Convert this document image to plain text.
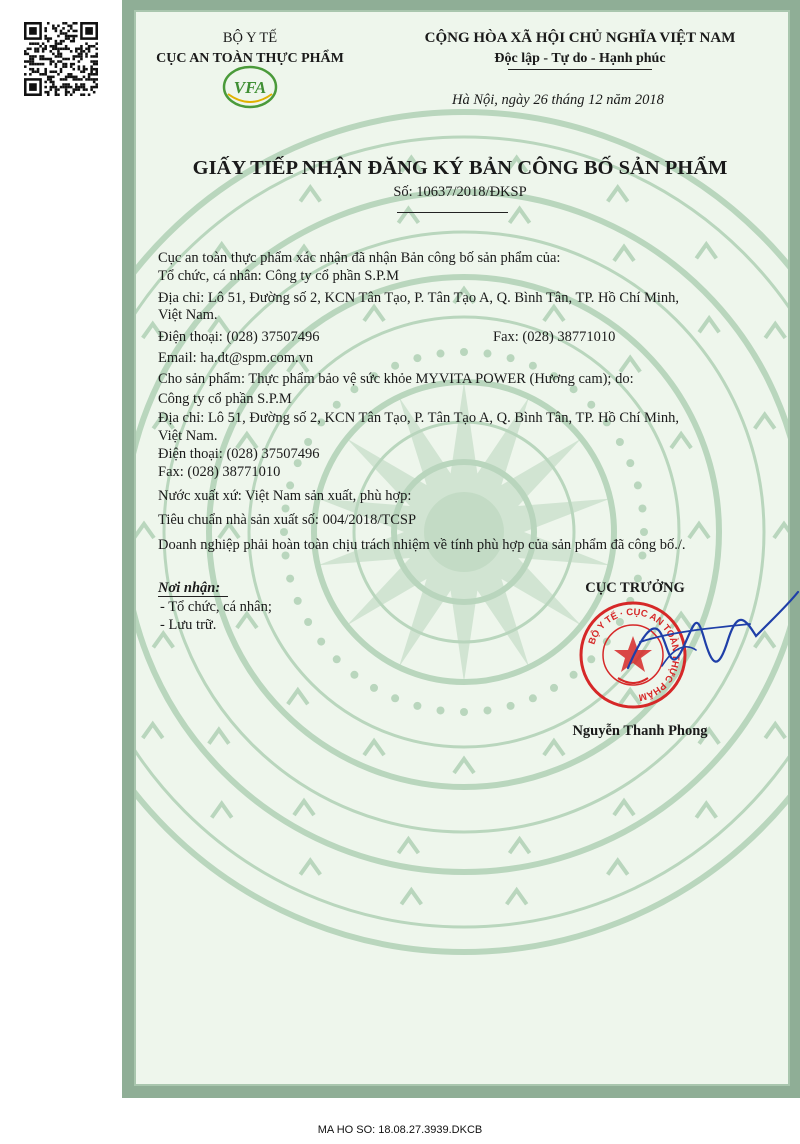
BỘ Y TẾ
CỤC AN TOÀN THỰC PHẨM
VFA
CỘNG HÒA XÃ HỘI CHỦ NGHĨA VIỆT NAM
Độc lập - Tự do - Hạnh phúc
Hà Nội, ngày 26 tháng 12 năm 2018
GIẤY TIẾP NHẬN ĐĂNG KÝ BẢN CÔNG BỐ SẢN PHẨM
Số: 10637/2018/ĐKSP
Cục an toàn thực phẩm xác nhận đã nhận Bản công bố sản phẩm của:
Tổ chức, cá nhân: Công ty cổ phần S.P.M
Địa chỉ: Lô 51, Đường số 2, KCN Tân Tạo, P. Tân Tạo A, Q. Bình Tân, TP. Hồ Chí Minh,
Việt Nam.
Điện thoại: (028) 37507496	Fax: (028) 38771010
Email: ha.dt@spm.com.vn
Cho sản phẩm: Thực phẩm bảo vệ sức khỏe MYVITA POWER (Hương cam); do:
Công ty cổ phần S.P.M
Địa chỉ: Lô 51, Đường số 2, KCN Tân Tạo, P. Tân Tạo A, Q. Bình Tân, TP. Hồ Chí Minh,
Việt Nam.
Điện thoại: (028) 37507496
Fax: (028) 38771010
Nước xuất xứ: Việt Nam sản xuất, phù hợp:
Tiêu chuẩn nhà sản xuất số: 004/2018/TCSP
Doanh nghiệp phải hoàn toàn chịu trách nhiệm về tính phù hợp của sản phẩm đã công bố./.
Nơi nhận:
- Tổ chức, cá nhân;
- Lưu trữ.
CỤC TRƯỞNG
BỘ Y TẾ · CỤC AN TOÀN THỰC PHẨM
Nguyễn Thanh Phong
MA HO SO: 18.08.27.3939.DKCB
